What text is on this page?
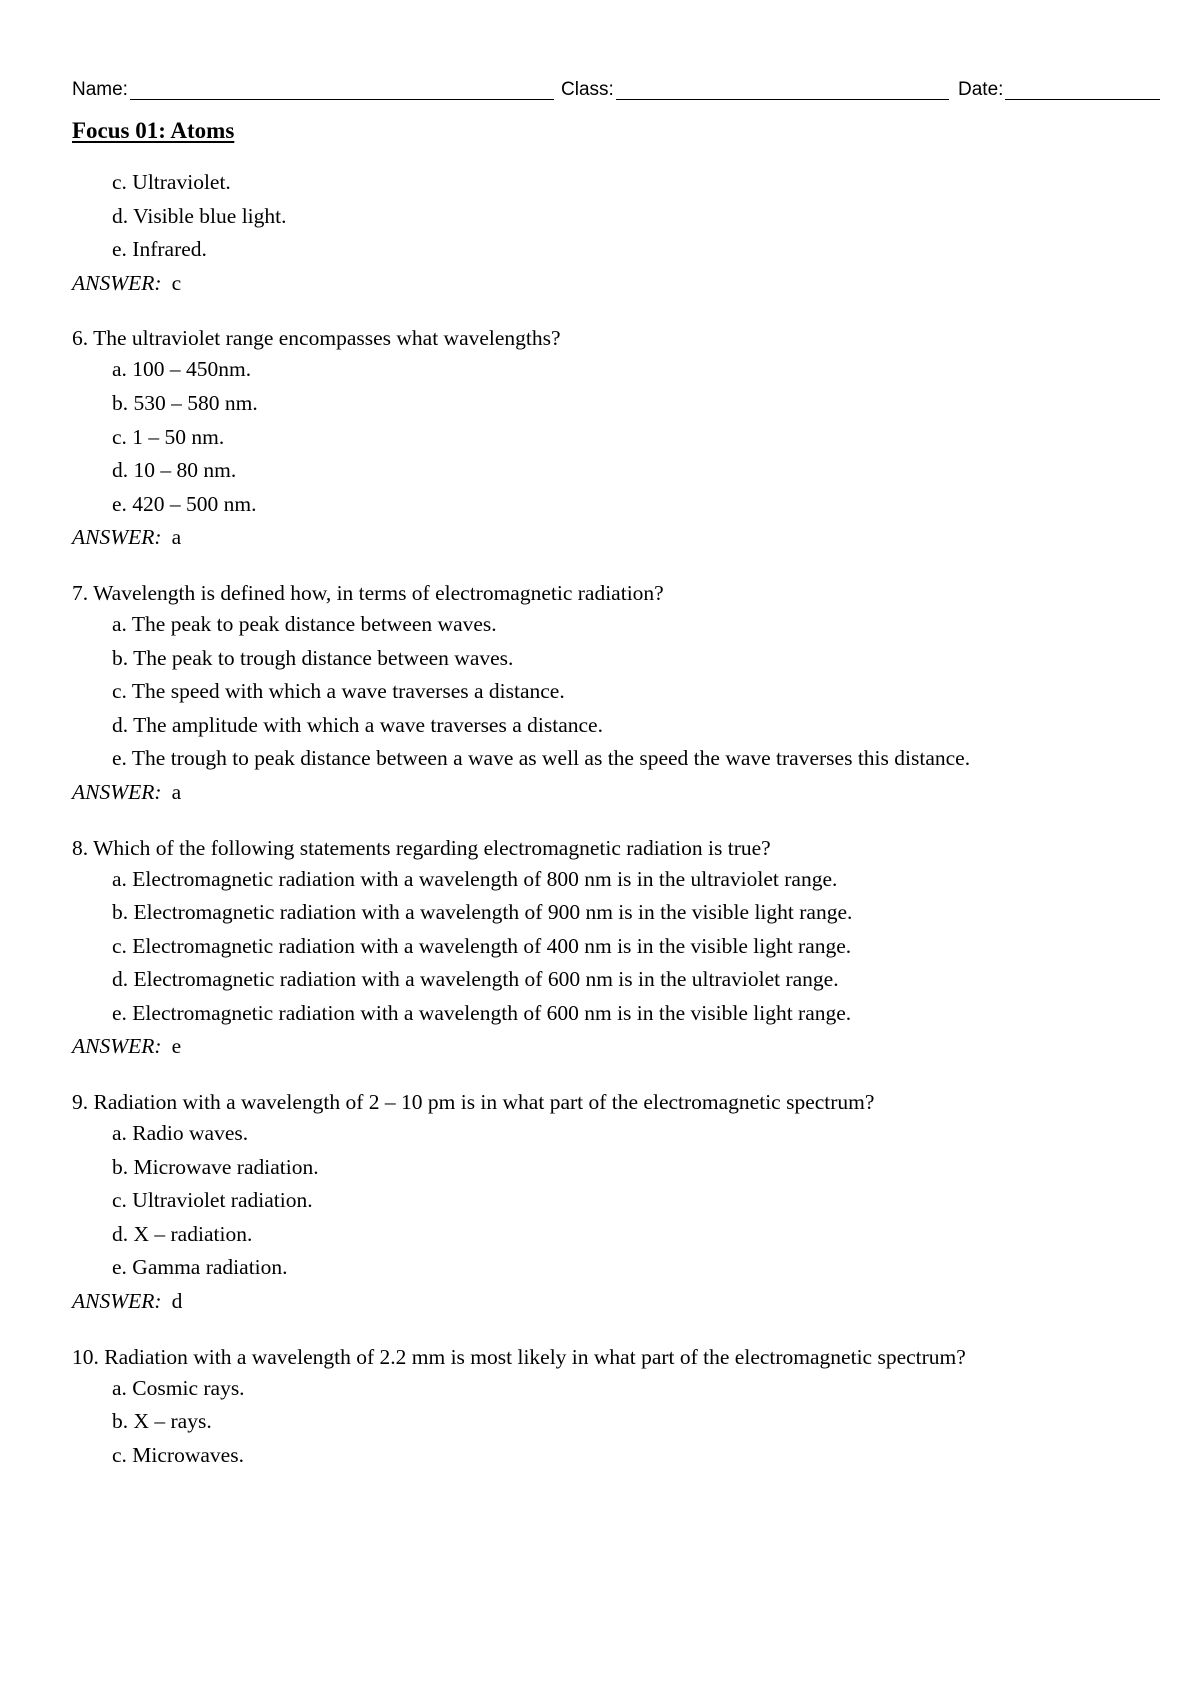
Name:	Class:	Date:
Focus 01: Atoms
c. Ultraviolet.
d. Visible blue light.
e. Infrared.
ANSWER: c
6. The ultraviolet range encompasses what wavelengths?
a. 100 – 450nm.
b. 530 – 580 nm.
c. 1 – 50 nm.
d. 10 – 80 nm.
e. 420 – 500 nm.
ANSWER: a
7. Wavelength is defined how, in terms of electromagnetic radiation?
a. The peak to peak distance between waves.
b. The peak to trough distance between waves.
c. The speed with which a wave traverses a distance.
d. The amplitude with which a wave traverses a distance.
e. The trough to peak distance between a wave as well as the speed the wave traverses this distance.
ANSWER: a
8. Which of the following statements regarding electromagnetic radiation is true?
a. Electromagnetic radiation with a wavelength of 800 nm is in the ultraviolet range.
b. Electromagnetic radiation with a wavelength of 900 nm is in the visible light range.
c. Electromagnetic radiation with a wavelength of 400 nm is in the visible light range.
d. Electromagnetic radiation with a wavelength of 600 nm is in the ultraviolet range.
e. Electromagnetic radiation with a wavelength of 600 nm is in the visible light range.
ANSWER: e
9. Radiation with a wavelength of 2 – 10 pm is in what part of the electromagnetic spectrum?
a. Radio waves.
b. Microwave radiation.
c. Ultraviolet radiation.
d. X – radiation.
e. Gamma radiation.
ANSWER: d
10. Radiation with a wavelength of 2.2 mm is most likely in what part of the electromagnetic spectrum?
a. Cosmic rays.
b. X – rays.
c. Microwaves.
